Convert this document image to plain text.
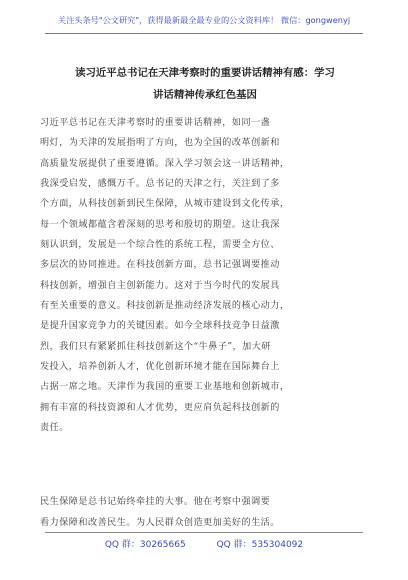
关注头条号"公文研究"，获得最新最全最专业的公文资料库！ 微信：gongwenyj
读习近平总书记在天津考察时的重要讲话精神有感：学习
讲话精神传承红色基因
习近平总书记在天津考察时的重要讲话精神，如同一盏
明灯，为天津的发展指明了方向，也为全国的改革创新和
高质量发展提供了重要遵循。深入学习领会这一讲话精神，
我深受启发，感慨万千。总书记的天津之行，关注到了多
个方面，从科技创新到民生保障，从城市建设到文化传承，
每一个领域都蕴含着深刻的思考和殷切的期望。这让我深
刻认识到，发展是一个综合性的系统工程，需要全方位、
多层次的协同推进。在科技创新方面，总书记强调要推动
科技创新，增强自主创新能力。这对于当今时代的发展具
有至关重要的意义。科技创新是推动经济发展的核心动力，
是提升国家竞争力的关键因素。如今全球科技竞争日益激
烈，我们只有紧紧抓住科技创新这个“牛鼻子”，加大研
发投入，培养创新人才，优化创新环境才能在国际舞台上
占据一席之地。天津作为我国的重要工业基地和创新城市，
拥有丰富的科技资源和人才优势，更应肩负起科技创新的
责任。
民生保障是总书记始终牵挂的大事。他在考察中强调要
看力保障和改善民生。为人民群众创造更加美好的生活。
QQ 群：30265665	QQ 群：535304092
